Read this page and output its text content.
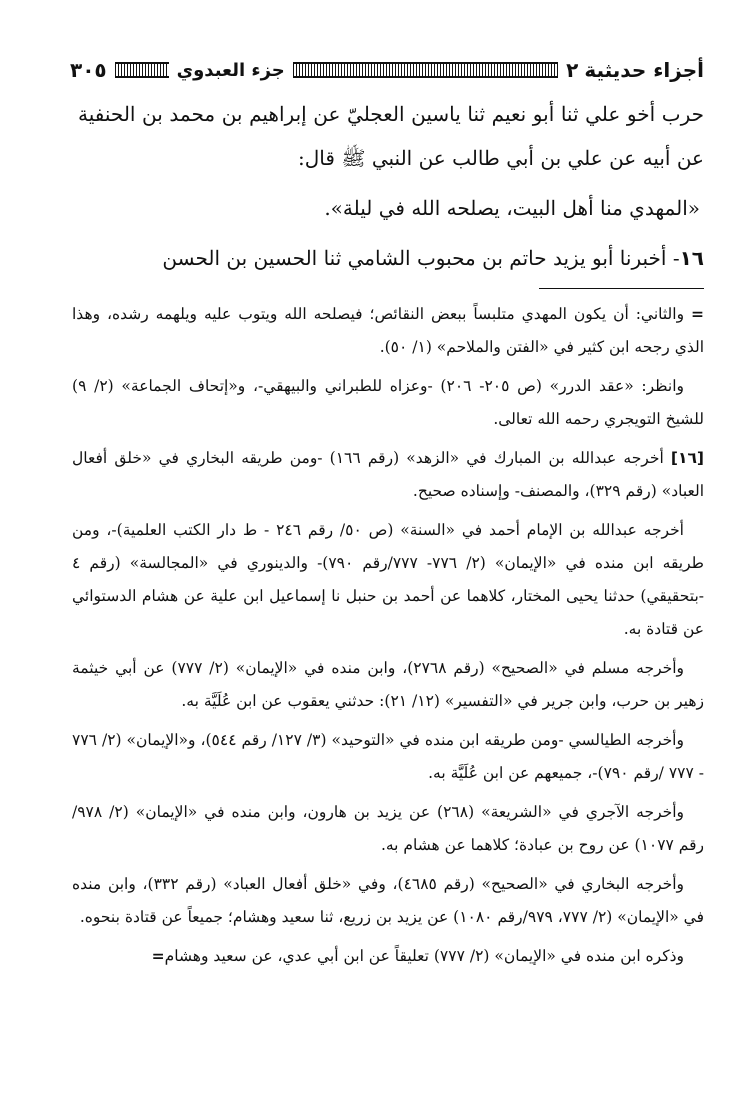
أجزاء حديثية
٢
جزء العبدوي
٣٠٥

حرب أخو علي ثنا أبو نعيم ثنا ياسين العجليّ عن إبراهيم بن محمد بن الحنفية عن أبيه عن علي بن أبي طالب عن النبي ﷺ قال:

«المهدي منا أهل البيت، يصلحه الله في ليلة».

١٦- أخبرنا أبو يزيد حاتم بن محبوب الشامي ثنا الحسين بن الحسن

= والثاني: أن يكون المهدي متلبساً ببعض النقائص؛ فيصلحه الله ويتوب عليه ويلهمه رشده، وهذا الذي رجحه ابن كثير في «الفتن والملاحم» (١/ ٥٠).

وانظر: «عقد الدرر» (ص ٢٠٥- ٢٠٦) -وعزاه للطبراني والبيهقي-، و«إتحاف الجماعة» (٢/ ٩) للشيخ التويجري رحمه الله تعالى.

[١٦] أخرجه عبدالله بن المبارك في «الزهد» (رقم ١٦٦) -ومن طريقه البخاري في «خلق أفعال العباد» (رقم ٣٢٩)، والمصنف- وإسناده صحيح.

أخرجه عبدالله بن الإمام أحمد في «السنة» (ص ٥٠/ رقم ٢٤٦ - ط دار الكتب العلمية)-، ومن طريقه ابن منده في «الإيمان» (٢/ ٧٧٦- ٧٧٧/رقم ٧٩٠)- والدينوري في «المجالسة» (رقم ٤ -بتحقيقي) حدثنا يحيى المختار، كلاهما عن أحمد بن حنبل نا إسماعيل ابن علية عن هشام الدستوائي عن قتادة به.

وأخرجه مسلم في «الصحيح» (رقم ٢٧٦٨)، وابن منده في «الإيمان» (٢/ ٧٧٧) عن أبي خيثمة زهير بن حرب، وابن جرير في «التفسير» (١٢/ ٢١): حدثني يعقوب عن ابن عُلَيَّة به.

وأخرجه الطيالسي -ومن طريقه ابن منده في «التوحيد» (٣/ ١٢٧/ رقم ٥٤٤)، و«الإيمان» (٢/ ٧٧٦ - ٧٧٧ /رقم ٧٩٠)-، جميعهم عن ابن عُلَيَّة به.

وأخرجه الآجري في «الشريعة» (٢٦٨) عن يزيد بن هارون، وابن منده في «الإيمان» (٢/ ٩٧٨/ رقم ١٠٧٧) عن روح بن عبادة؛ كلاهما عن هشام به.

وأخرجه البخاري في «الصحيح» (رقم ٤٦٨٥)، وفي «خلق أفعال العباد» (رقم ٣٣٢)، وابن منده في «الإيمان» (٢/ ٧٧٧، ٩٧٩/رقم ١٠٨٠) عن يزيد بن زريع، ثنا سعيد وهشام؛ جميعاً عن قتادة بنحوه.

وذكره ابن منده في «الإيمان» (٢/ ٧٧٧) تعليقاً عن ابن أبي عدي، عن سعيد وهشام=
